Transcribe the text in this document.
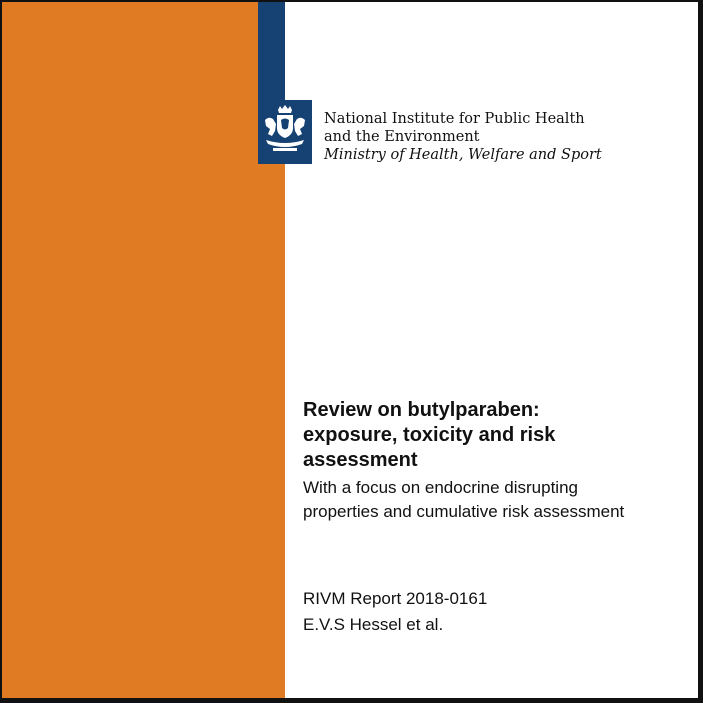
National Institute for Public Health
and the Environment
Ministry of Health, Welfare and Sport
Review on butylparaben:
exposure, toxicity and risk
assessment
With a focus on endocrine disrupting
properties and cumulative risk assessment
RIVM Report 2018-0161
E.V.S Hessel et al.
